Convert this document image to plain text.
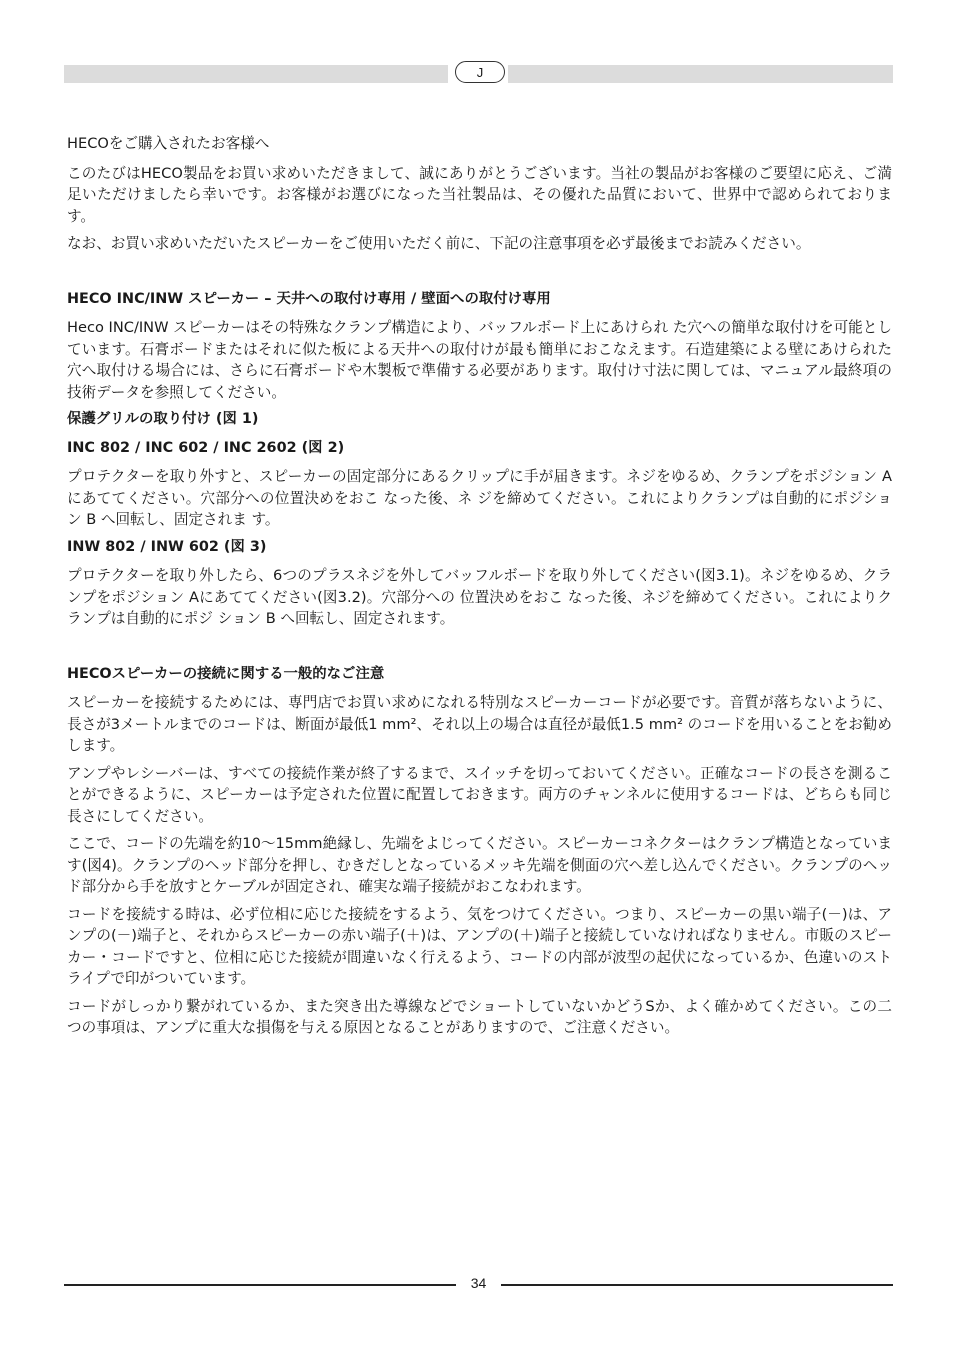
J

HECOをご購入されたお客様へ

このたびはHECO製品をお買い求めいただきまして、誠にありがとうございます。当社の製品がお客様のご要望に応え、ご満足いただけましたら幸いです。お客様がお選びになった当社製品は、その優れた品質において、世界中で認められております。

なお、お買い求めいただいたスピーカーをご使用いただく前に、下記の注意事項を必ず最後までお読みください。

HECO INC/INW スピーカー – 天井への取付け専用 / 壁面への取付け専用

Heco INC/INW スピーカーはその特殊なクランプ構造により、バッフルボード上にあけられ た穴への簡単な取付けを可能としています。石膏ボードまたはそれに似た板による天井への取付けが最も簡単におこなえます。石造建築による壁にあけられた穴へ取付ける場合には、さらに石膏ボードや木製板で準備する必要があります。取付け寸法に関しては、マニュアル最終項の技術データを参照してください。

保護グリルの取り付け (図 1)

INC 802 / INC 602 / INC 2602 (図 2)

プロテクターを取り外すと、スピーカーの固定部分にあるクリップに手が届きます。ネジをゆるめ、クランプをポジション A にあててください。穴部分への位置決めをおこ なった後、ネ ジを締めてください。これによりクランプは自動的にポジション B へ回転し、固定されま す。

INW 802 / INW 602 (図 3)

プロテクターを取り外したら、6つのプラスネジを外してバッフルボードを取り外してください(図3.1)。ネジをゆるめ、クランプをポジション Aにあててください(図3.2)。穴部分への 位置決めをおこ なった後、ネジを締めてください。これによりクランプは自動的にポジ ション B へ回転し、固定されます。

HECOスピーカーの接続に関する一般的なご注意

スピーカーを接続するためには、専門店でお買い求めになれる特別なスピーカーコードが必要です。音質が落ちないように、長さが3メートルまでのコードは、断面が最低1 mm²、それ以上の場合は直径が最低1.5 mm² のコードを用いることをお勧めします。

アンプやレシーバーは、すべての接続作業が終了するまで、スイッチを切っておいてください。正確なコードの長さを測ることができるように、スピーカーは予定された位置に配置しておきます。両方のチャンネルに使用するコードは、どちらも同じ長さにしてください。

ここで、コードの先端を約10～15mm絶縁し、先端をよじってください。スピーカーコネクターはクランプ構造となっています(図4)。クランプのヘッド部分を押し、むきだしとなっているメッキ先端を側面の穴へ差し込んでください。クランプのヘッド部分から手を放すとケーブルが固定され、確実な端子接続がおこなわれます。

コードを接続する時は、必ず位相に応じた接続をするよう、気をつけてください。つまり、スピーカーの黒い端子(－)は、アンプの(－)端子と、それからスピーカーの赤い端子(＋)は、アンプの(＋)端子と接続していなければなりません。市販のスピーカー・コードですと、位相に応じた接続が間違いなく行えるよう、コードの内部が波型の起伏になっているか、色違いのストライプで印がついています。

コードがしっかり繋がれているか、また突き出た導線などでショートしていないかどうSか、よく確かめてください。この二つの事項は、アンプに重大な損傷を与える原因となることがありますので、ご注意ください。

34
